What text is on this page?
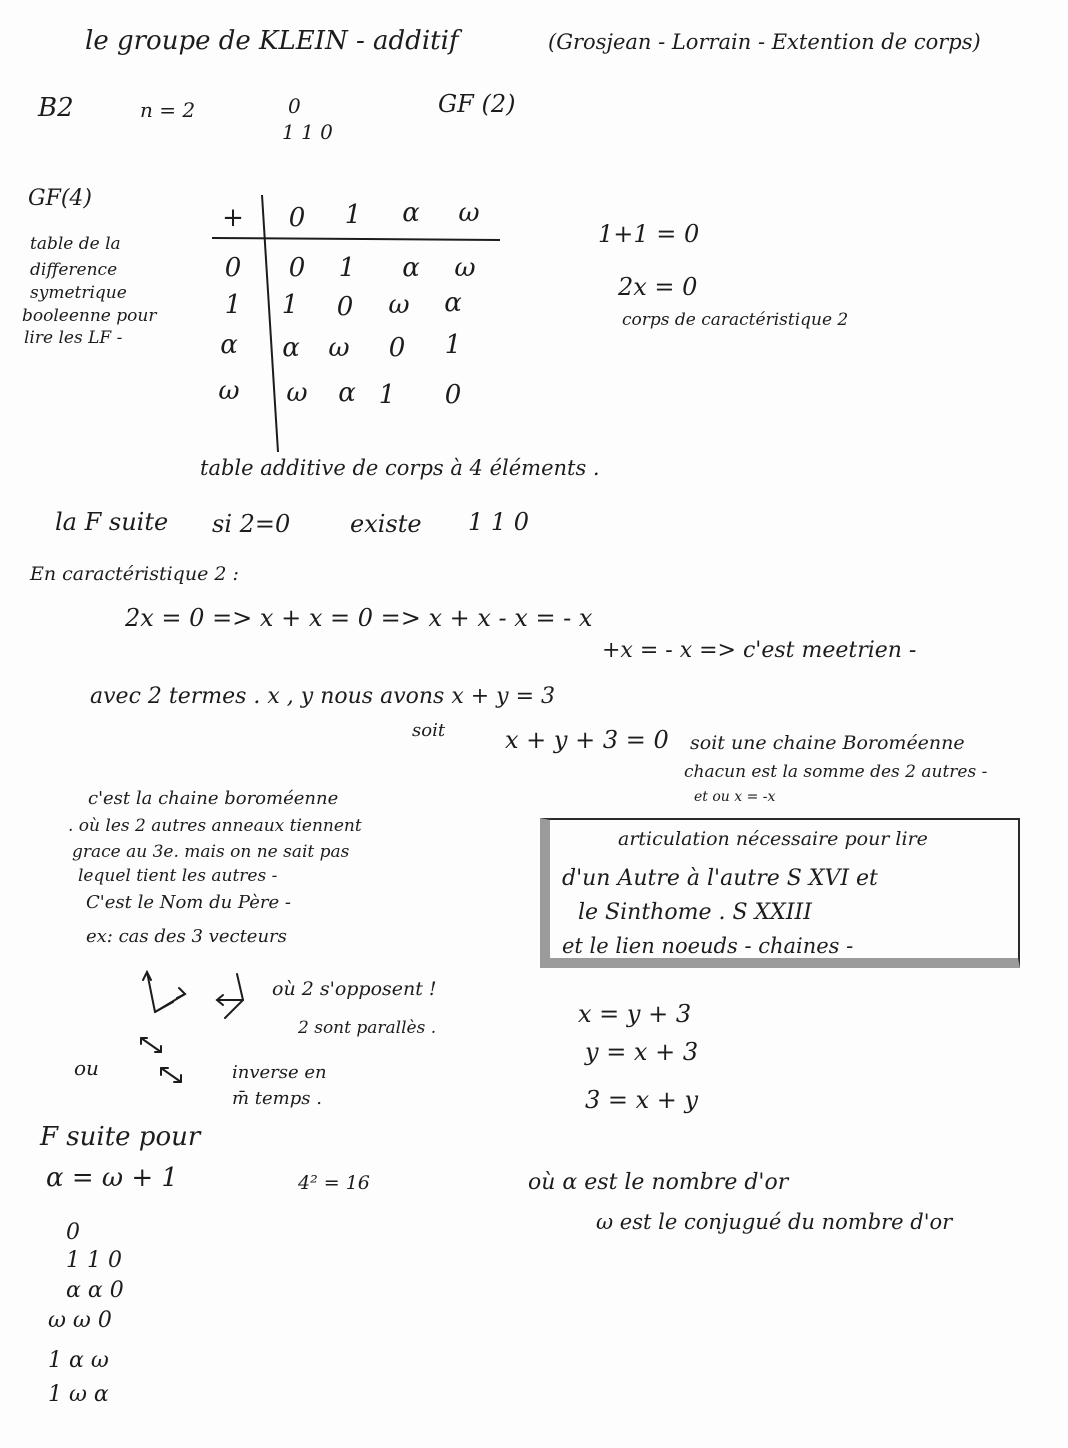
le groupe de KLEIN - additif	(Grosjean - Lorrain - Extention de corps)
B2	n = 2	0
1 1 0
GF (2)
GF(4)
table de la
difference
symetrique
booleenne pour
lire les LF -
+	0	1	α	ω
0	0	1	α	ω
1	1	0	ω	α
α	α	ω	0	1
ω	ω	α 1	0
table additive de corps à 4 éléments .
1+1 = 0
2x = 0
corps de caractéristique 2
la F suite si 2=0 existe 1 1 0
En caractéristique 2 :
2x = 0 => x + x = 0 => x + x - x = - x
+x = - x => c'est meetrien -
avec 2 termes . x , y nous avons x + y = 3
soit x + y + 3 = 0 soit une chaine Boroméenne
chacun est la somme des 2 autres -
et ou x = -x
c'est la chaine boroméenne
. où les 2 autres anneaux tiennent
grace au 3e. mais on ne sait pas
lequel tient les autres -
C'est le Nom du Père -
ex: cas des 3 vecteurs
où 2 s'opposent !
2 sont parallès .
ou	inverse en
m̄ temps .
articulation nécessaire pour lire
d'un Autre à l'autre S XVI et
le Sinthome . S XXIII
et le lien noeuds - chaines -
x = y + 3
y = x + 3
3 = x + y
F suite pour
α = ω + 1	4² = 16	où α est le nombre d'or
ω est le conjugué du nombre d'or
0
1 1 0
α α 0
ω ω 0
1 α ω
1 ω α
